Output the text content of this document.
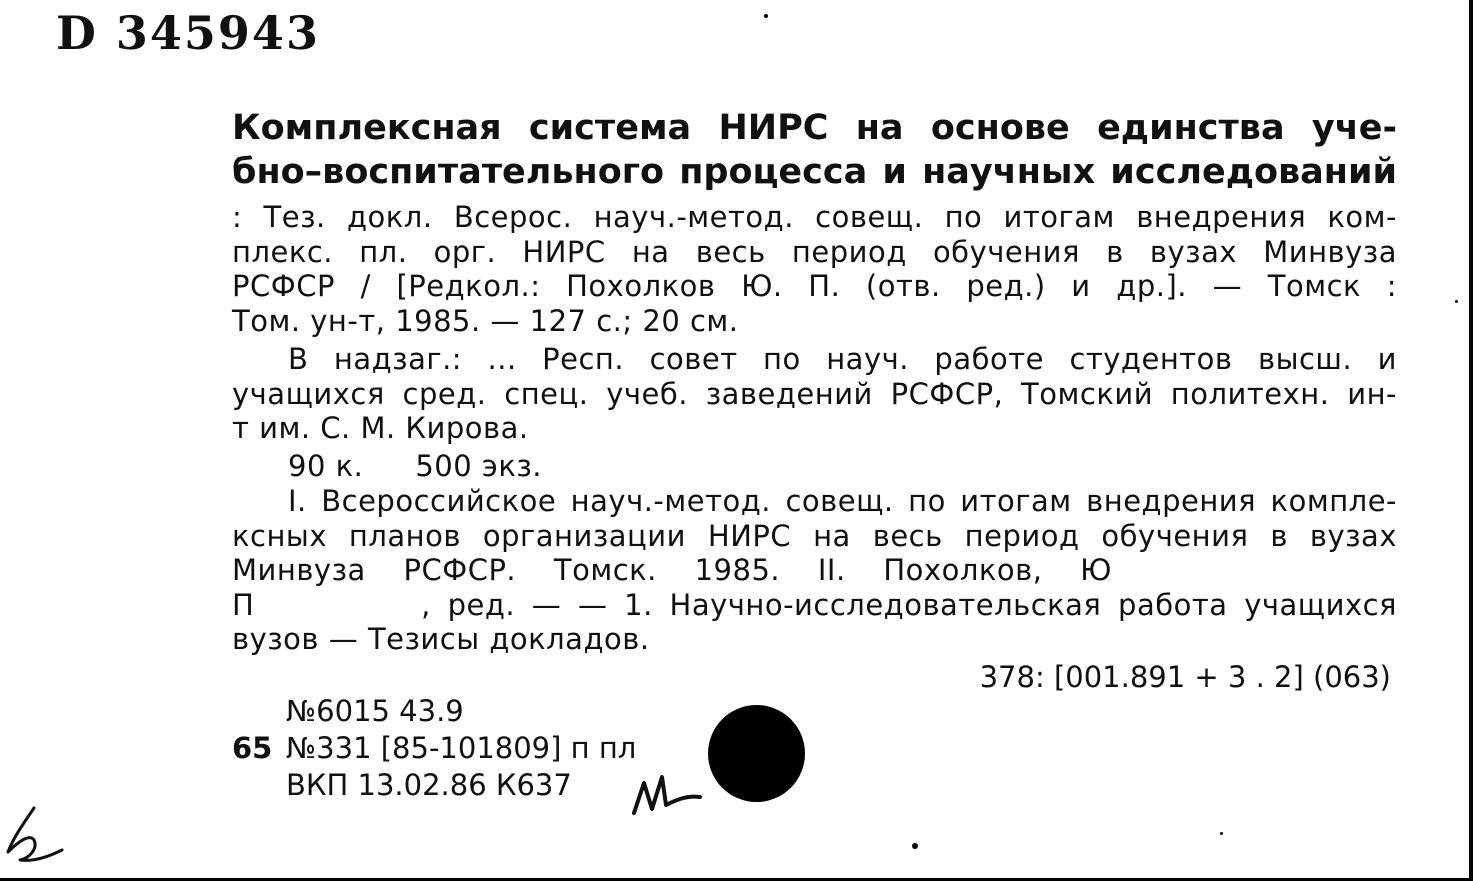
D 345943
Комплексная система НИРС на основе единства уче-
бно–воспитательного процесса и научных исследований
: Тез. докл. Всерос. науч.-метод. совещ. по итогам внедрения ком-
плекс. пл. орг. НИРС на весь период обучения в вузах Минвуза
РСФСР / [Редкол.: Похолков Ю. П. (отв. ред.) и др.]. — Томск :
Том. ун-т, 1985. — 127 с.; 20 см.
В надзаг.: ... Респ. совет по науч. работе студентов высш. и
учащихся сред. спец. учеб. заведений РСФСР, Томский политехн. ин-
т им. С. М. Кирова.
90 к. 500 экз.
I. Всероссийское науч.-метод. совещ. по итогам внедрения компле-
ксных планов организации НИРС на весь период обучения в вузах
Минвуза РСФСР. Томск. 1985. II. Похолков, Ю
П          , ред. — — 1. Научно-исследовательская работа учащихся
вузов — Тезисы докладов.
378: [001.891 + 3 . 2] (063)
№6015 43.9
65 №331 [85-101809] п пл
ВКП 13.02.86 К637
